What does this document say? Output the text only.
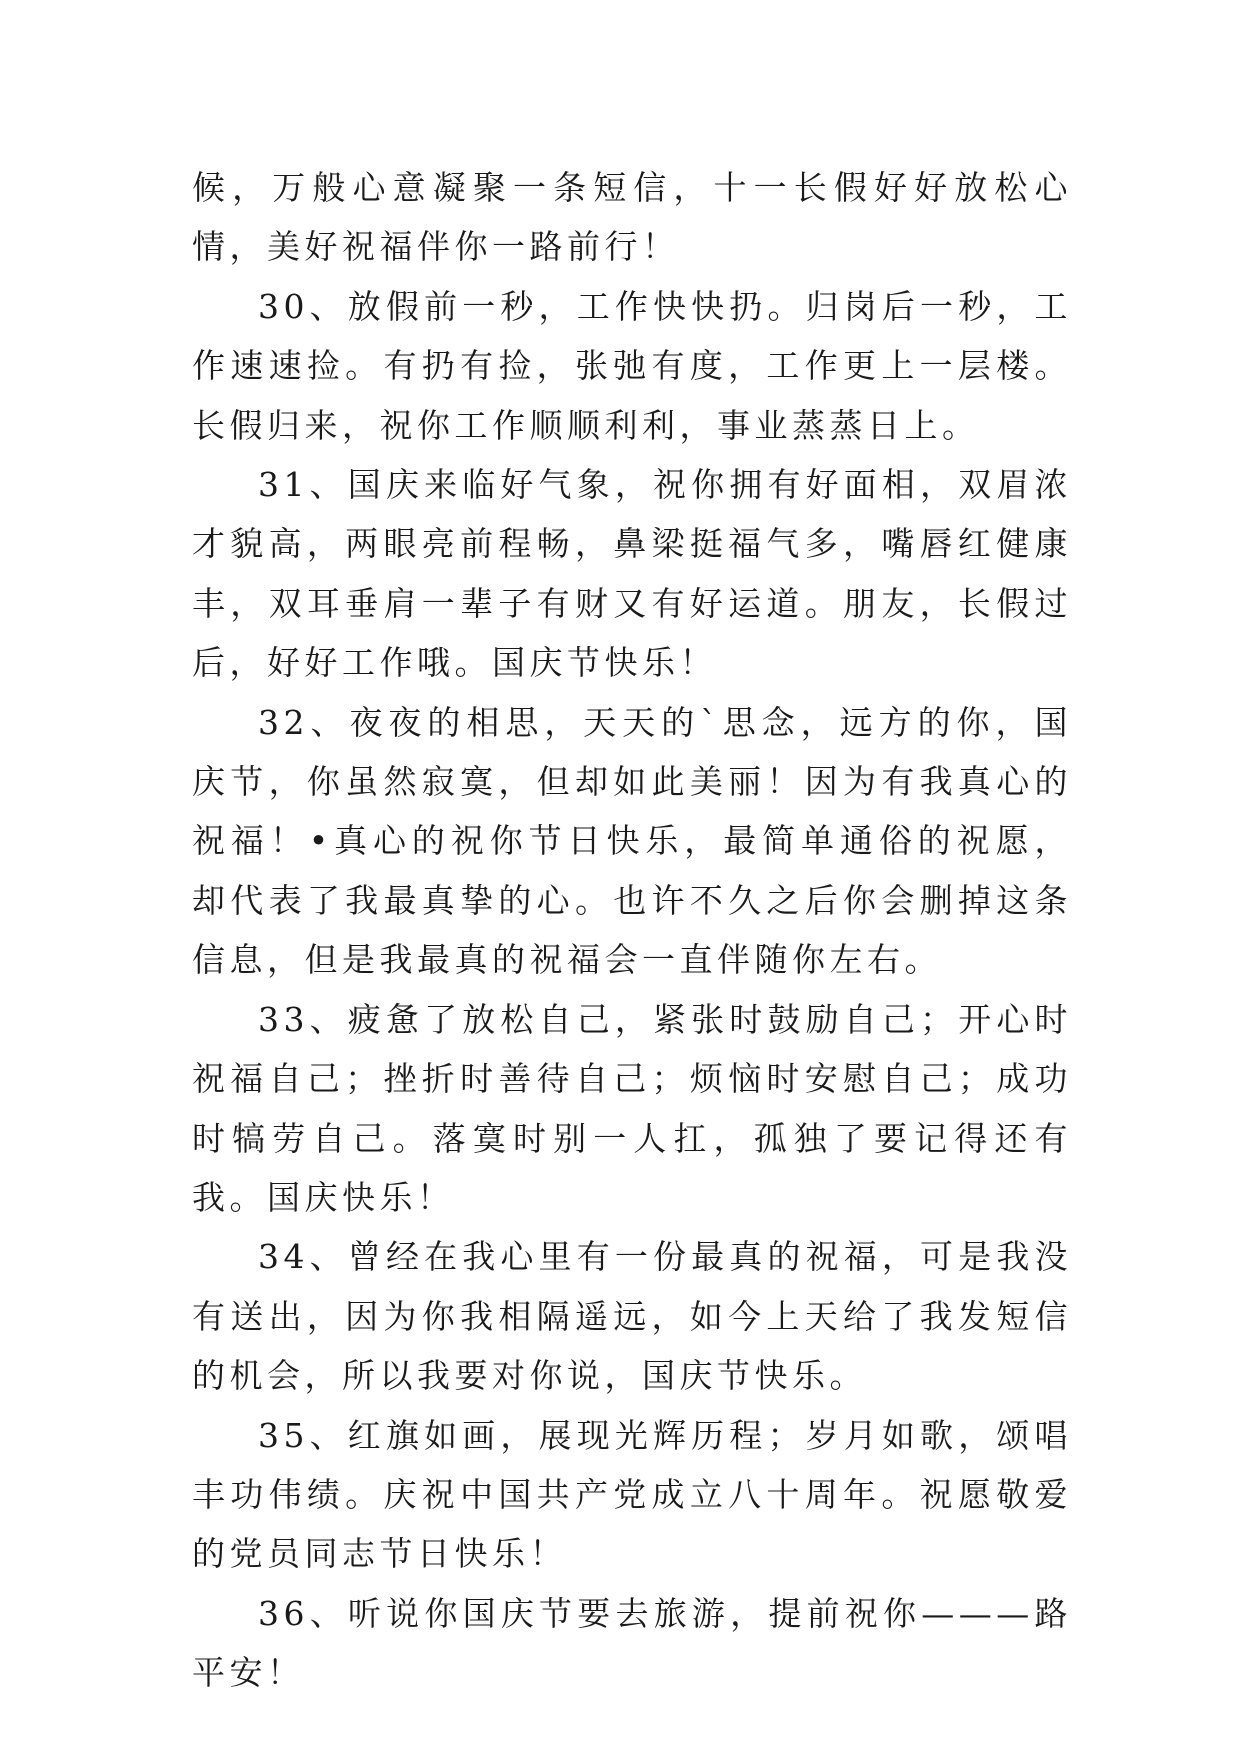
候，万般心意凝聚一条短信，十一长假好好放松心情，美好祝福伴你一路前行！

30、放假前一秒，工作快快扔。归岗后一秒，工作速速捡。有扔有捡，张弛有度，工作更上一层楼。长假归来，祝你工作顺顺利利，事业蒸蒸日上。

31、国庆来临好气象，祝你拥有好面相，双眉浓才貌高，两眼亮前程畅，鼻梁挺福气多，嘴唇红健康丰，双耳垂肩一辈子有财又有好运道。朋友，长假过后，好好工作哦。国庆节快乐！

32、夜夜的相思，天天的`思念，远方的你，国庆节，你虽然寂寞，但却如此美丽！因为有我真心的祝福！•真心的祝你节日快乐，最简单通俗的祝愿，却代表了我最真挚的心。也许不久之后你会删掉这条信息，但是我最真的祝福会一直伴随你左右。

33、疲惫了放松自己，紧张时鼓励自己；开心时祝福自己；挫折时善待自己；烦恼时安慰自己；成功时犒劳自己。落寞时别一人扛，孤独了要记得还有我。国庆快乐！

34、曾经在我心里有一份最真的祝福，可是我没有送出，因为你我相隔遥远，如今上天给了我发短信的机会，所以我要对你说，国庆节快乐。

35、红旗如画，展现光辉历程；岁月如歌，颂唱丰功伟绩。庆祝中国共产党成立八十周年。祝愿敬爱的党员同志节日快乐！

36、听说你国庆节要去旅游，提前祝你———路平安！
